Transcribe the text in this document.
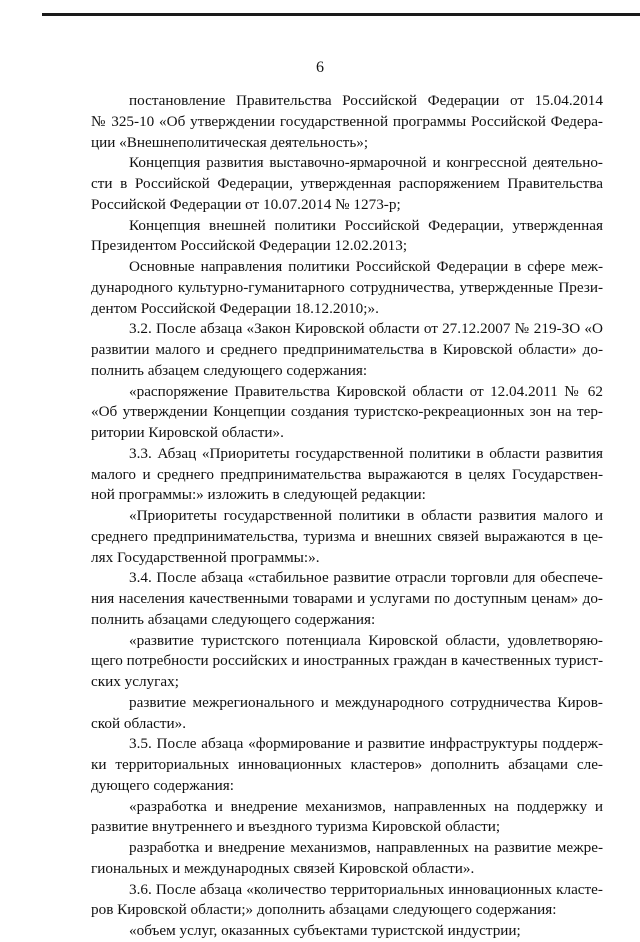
6
постановление Правительства Российской Федерации от 15.04.2014
№ 325-10 «Об утверждении государственной программы Российской Федера-
ции «Внешнеполитическая деятельность»;
Концепция развития выставочно-ярмарочной и конгрессной деятельно-
сти в Российской Федерации, утвержденная распоряжением Правительства
Российской Федерации от 10.07.2014 № 1273-р;
Концепция внешней политики Российской Федерации, утвержденная
Президентом Российской Федерации 12.02.2013;
Основные направления политики Российской Федерации в сфере меж-
дународного культурно-гуманитарного сотрудничества, утвержденные Прези-
дентом Российской Федерации 18.12.2010;».
3.2. После абзаца «Закон Кировской области от 27.12.2007 № 219-ЗО «О
развитии малого и среднего предпринимательства в Кировской области» до-
полнить абзацем следующего содержания:
«распоряжение Правительства Кировской области от 12.04.2011 № 62
«Об утверждении Концепции создания туристско-рекреационных зон на тер-
ритории Кировской области».
3.3. Абзац «Приоритеты государственной политики в области развития
малого и среднего предпринимательства выражаются в целях Государствен-
ной программы:» изложить в следующей редакции:
«Приоритеты государственной политики в области развития малого и
среднего предпринимательства, туризма и внешних связей выражаются в це-
лях Государственной программы:».
3.4. После абзаца «стабильное развитие отрасли торговли для обеспече-
ния населения качественными товарами и услугами по доступным ценам» до-
полнить абзацами следующего содержания:
«развитие туристского потенциала Кировской области, удовлетворяю-
щего потребности российских и иностранных граждан в качественных турист-
ских услугах;
развитие межрегионального и международного сотрудничества Киров-
ской области».
3.5. После абзаца «формирование и развитие инфраструктуры поддерж-
ки территориальных инновационных кластеров» дополнить абзацами сле-
дующего содержания:
«разработка и внедрение механизмов, направленных на поддержку и
развитие внутреннего и въездного туризма Кировской области;
разработка и внедрение механизмов, направленных на развитие межре-
гиональных и международных связей Кировской области».
3.6. После абзаца «количество территориальных инновационных класте-
ров Кировской области;» дополнить абзацами следующего содержания:
«объем услуг, оказанных субъектами туристской индустрии;
